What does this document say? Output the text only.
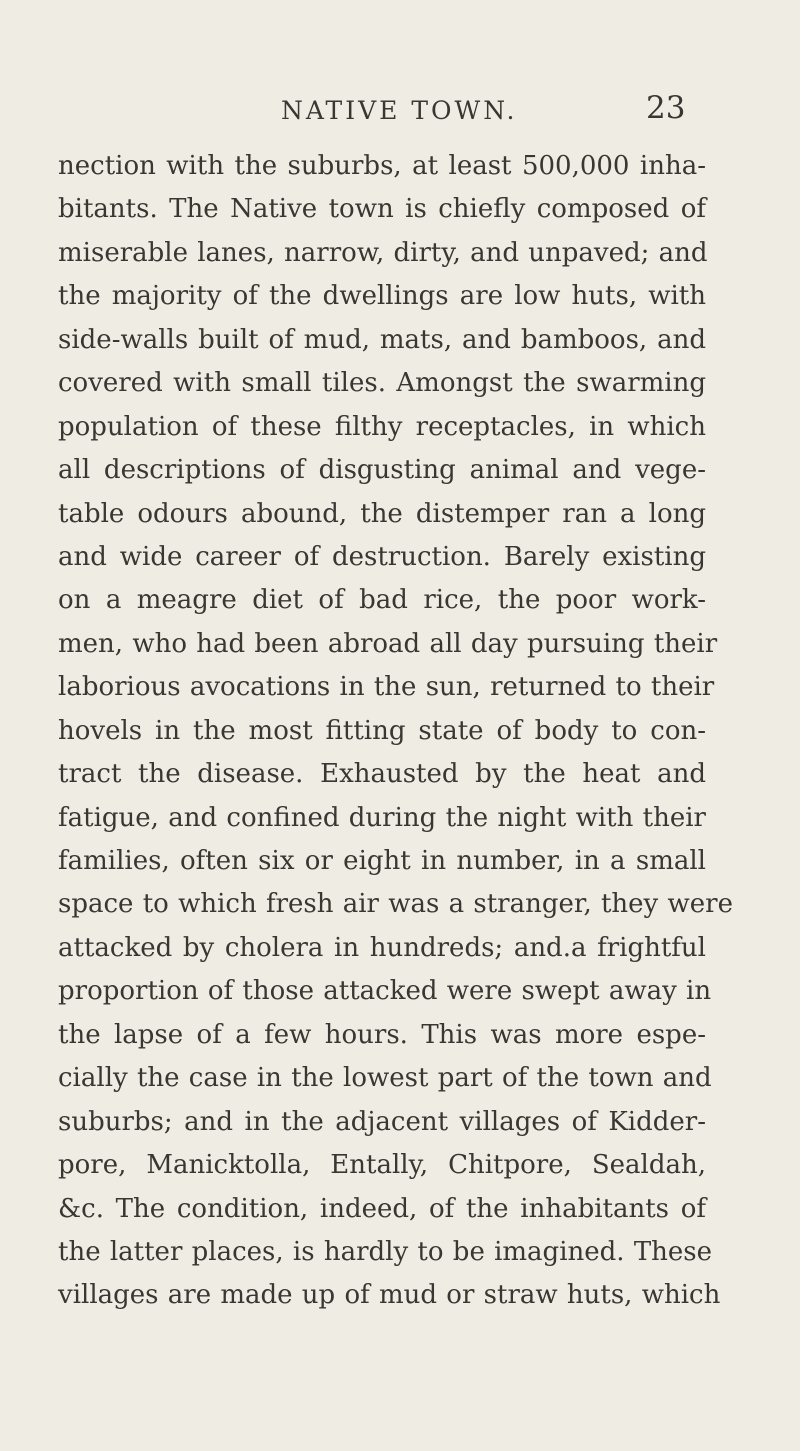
NATIVE TOWN.	23
nection with the suburbs, at least 500,000 inha-
bitants. The Native town is chiefly composed of
miserable lanes, narrow, dirty, and unpaved; and
the majority of the dwellings are low huts, with
side-walls built of mud, mats, and bamboos, and
covered with small tiles. Amongst the swarming
population of these filthy receptacles, in which
all descriptions of disgusting animal and vege-
table odours abound, the distemper ran a long
and wide career of destruction. Barely existing
on a meagre diet of bad rice, the poor work-
men, who had been abroad all day pursuing their
laborious avocations in the sun, returned to their
hovels in the most fitting state of body to con-
tract the disease. Exhausted by the heat and
fatigue, and confined during the night with their
families, often six or eight in number, in a small
space to which fresh air was a stranger, they were
attacked by cholera in hundreds; and.a frightful
proportion of those attacked were swept away in
the lapse of a few hours. This was more espe-
cially the case in the lowest part of the town and
suburbs; and in the adjacent villages of Kidder-
pore, Manicktolla, Entally, Chitpore, Sealdah,
&c. The condition, indeed, of the inhabitants of
the latter places, is hardly to be imagined. These
villages are made up of mud or straw huts, which
